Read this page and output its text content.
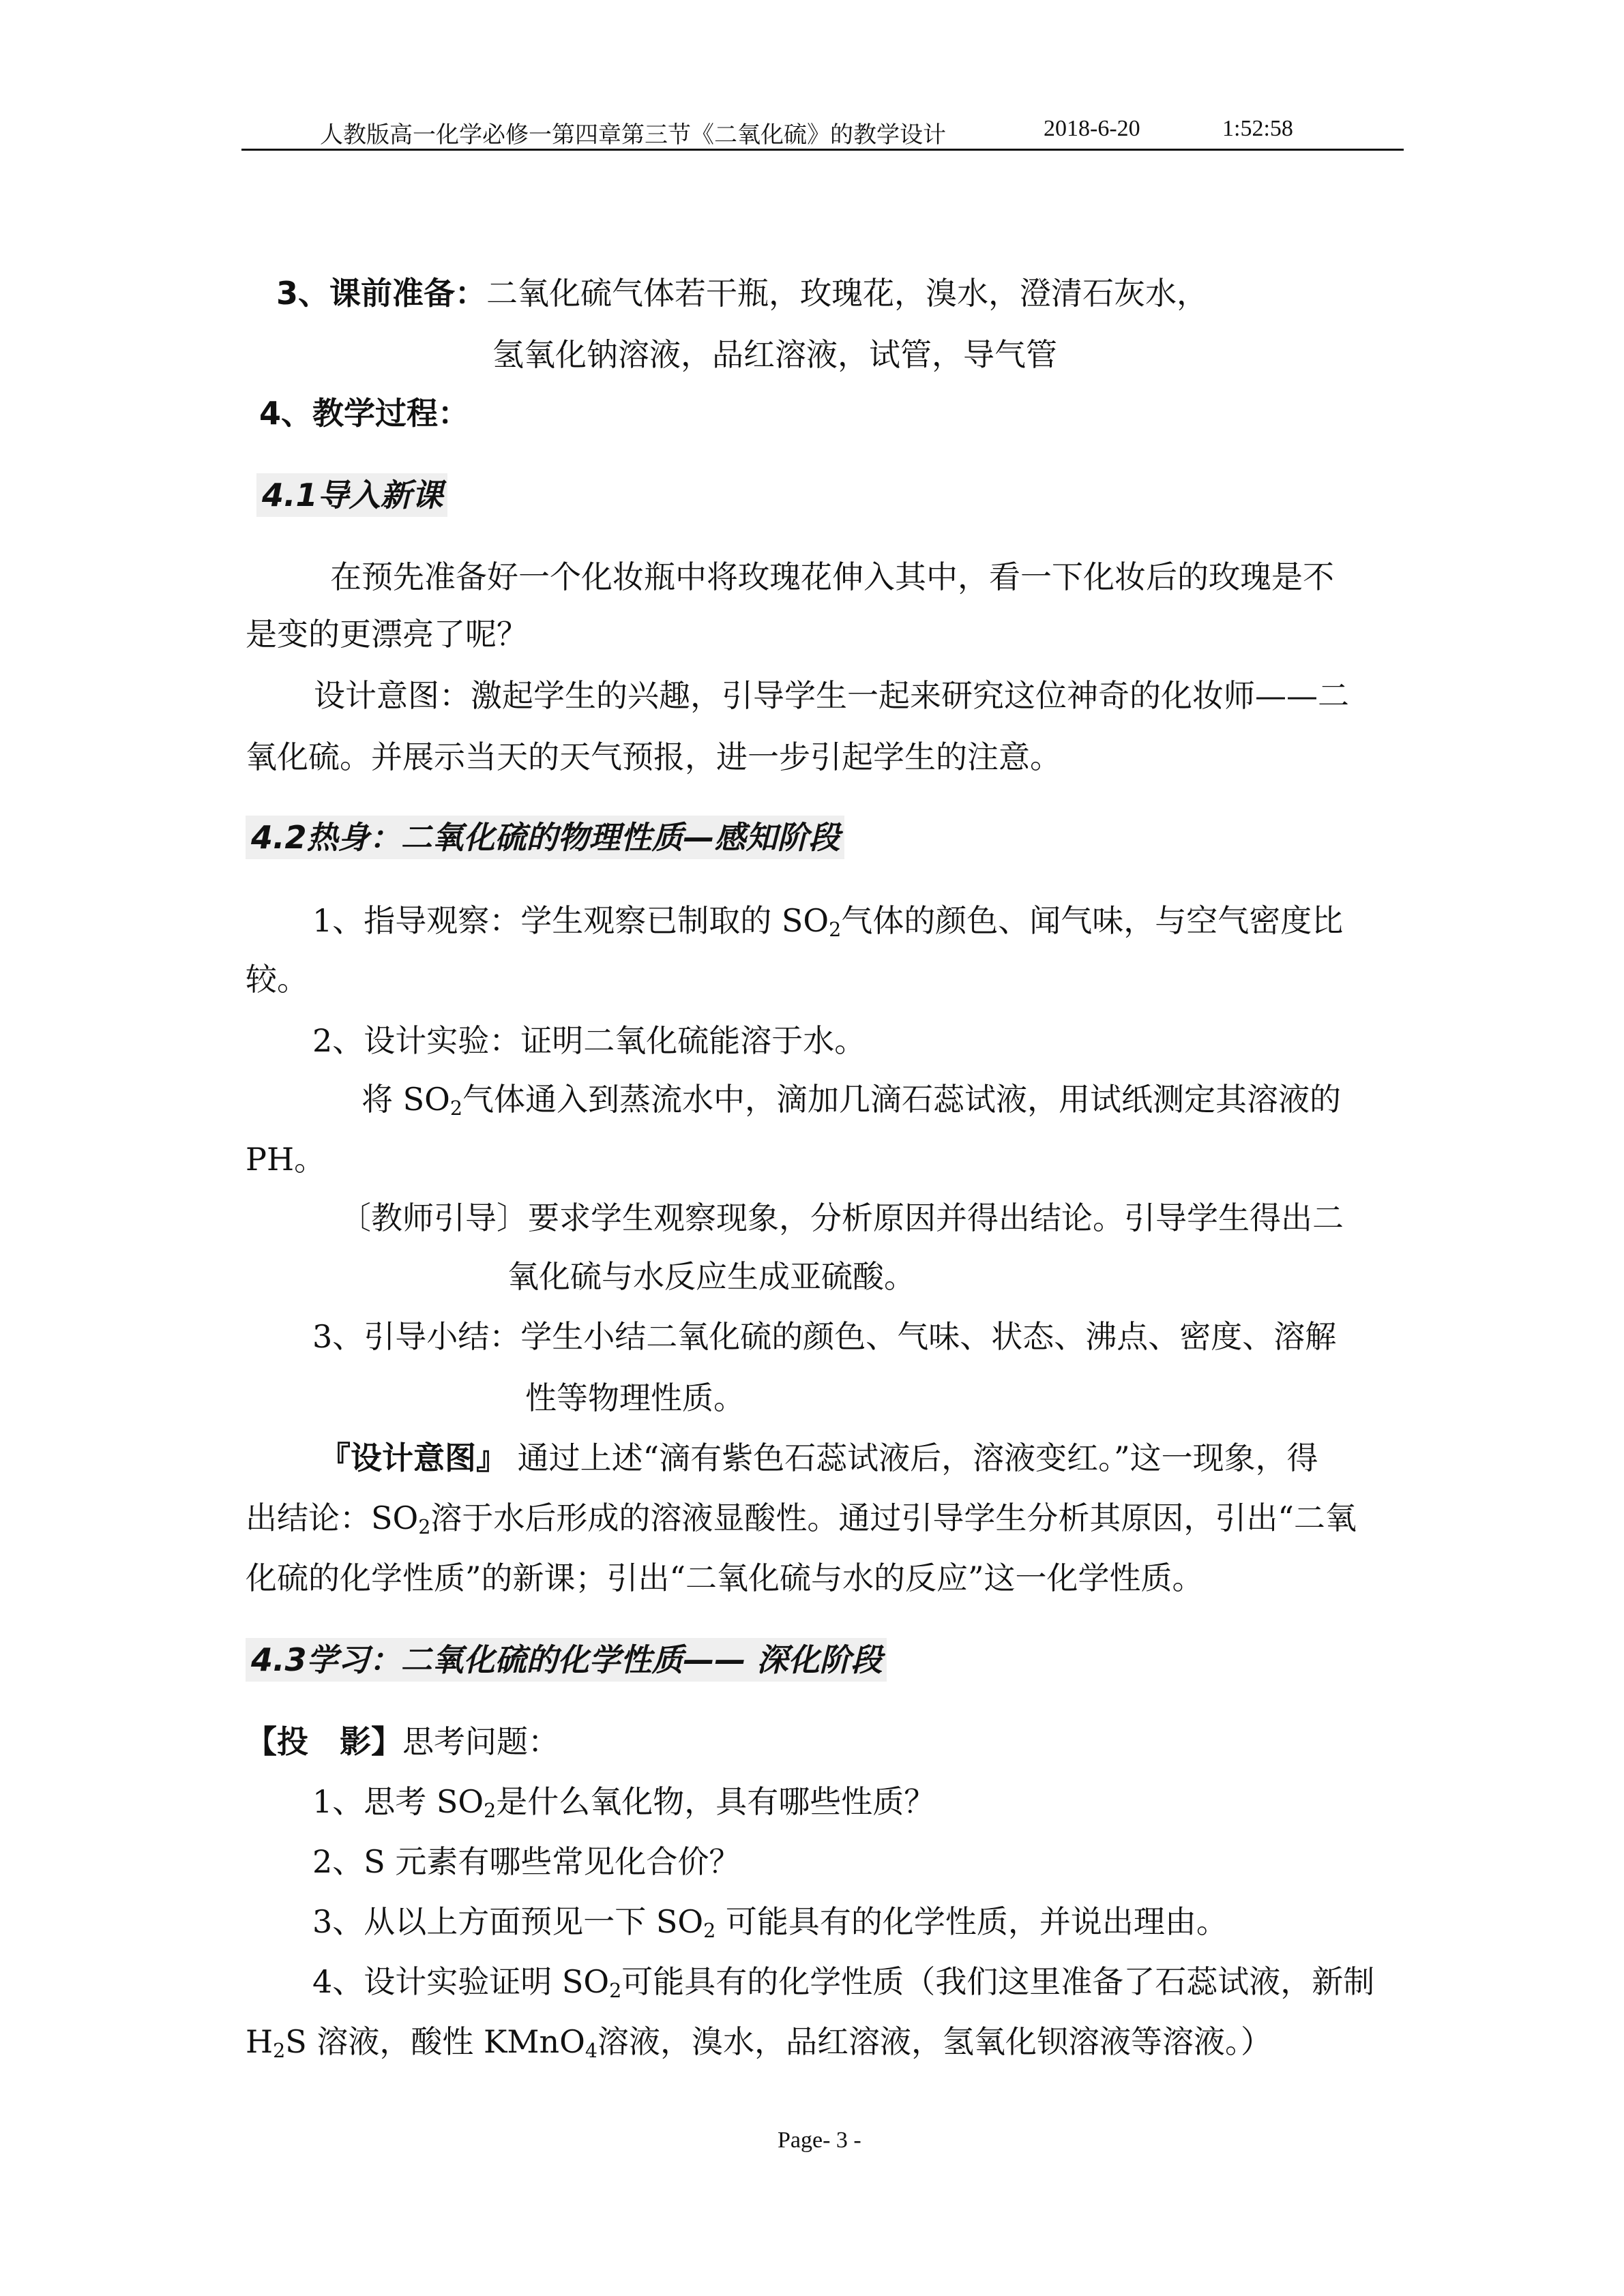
人教版高一化学必修一第四章第三节《二氧化硫》的教学设计	2018-6-20	1:52:58
3、课前准备：二氧化硫气体若干瓶，玫瑰花，溴水，澄清石灰水，
氢氧化钠溶液，品红溶液，试管，导气管
4、教学过程：
4.1导入新课
在预先准备好一个化妆瓶中将玫瑰花伸入其中，看一下化妆后的玫瑰是不
是变的更漂亮了呢？
设计意图：激起学生的兴趣，引导学生一起来研究这位神奇的化妆师——二
氧化硫。并展示当天的天气预报，进一步引起学生的注意。
4.2热身：二氧化硫的物理性质—感知阶段
1、指导观察：学生观察已制取的 $SO_2$气体的颜色、闻气味，与空气密度比
较。
2、设计实验：证明二氧化硫能溶于水。
将 $SO_2$气体通入到蒸流水中，滴加几滴石蕊试液，用试纸测定其溶液的
PH。
〔教师引导〕要求学生观察现象，分析原因并得出结论。引导学生得出二
氧化硫与水反应生成亚硫酸。
3、引导小结：学生小结二氧化硫的颜色、气味、状态、沸点、密度、溶解
性等物理性质。
『设计意图』 通过上述“滴有紫色石蕊试液后，溶液变红。”这一现象，得
出结论：$SO_2$溶于水后形成的溶液显酸性。通过引导学生分析其原因，引出“二氧
化硫的化学性质”的新课；引出“二氧化硫与水的反应”这一化学性质。
4.3学习：二氧化硫的化学性质—— 深化阶段
【投　影】思考问题：
1、思考 $SO_2$是什么氧化物，具有哪些性质？
2、S 元素有哪些常见化合价？
3、从以上方面预见一下 $SO_2$ 可能具有的化学性质，并说出理由。
4、设计实验证明 $SO_2$可能具有的化学性质（我们这里准备了石蕊试液，新制
$H_2S$ 溶液，酸性 KMnO$_4$溶液，溴水，品红溶液，氢氧化钡溶液等溶液。）
Page- 3 -
